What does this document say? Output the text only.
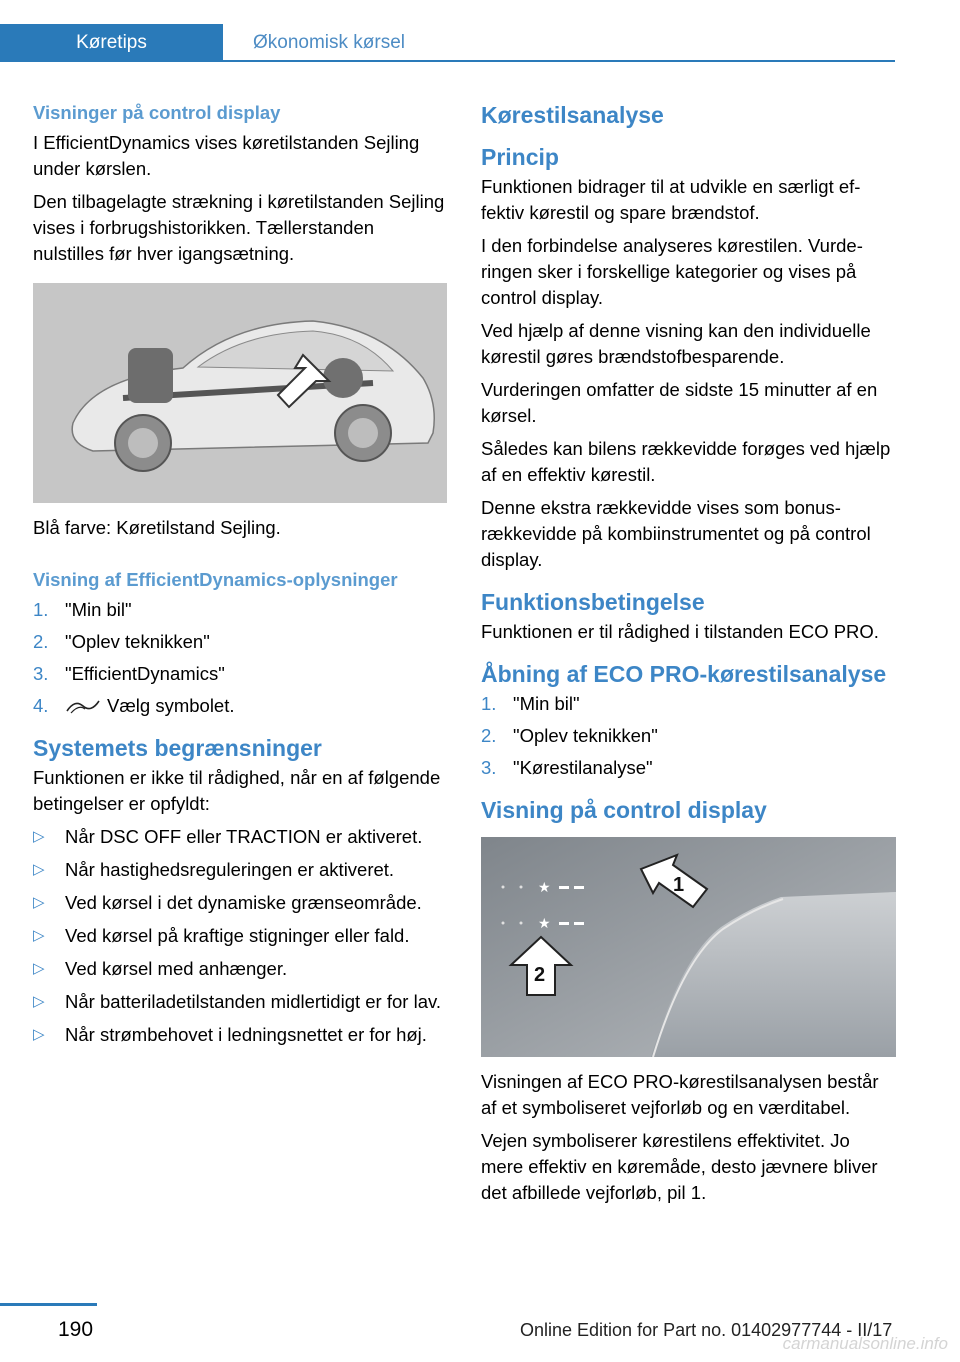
Køretips	Økonomisk kørsel
Visninger på control display

I EfficientDynamics vises køretilstanden Sejling under kørslen.

Den tilbagelagte strækning i køretilstanden Sejling vises i forbrugshistorikken. Tællerstanden nulstilles før hver igangsætning.

Blå farve: Køretilstand Sejling.

Visning af EfficientDynamics-oplysninger
1. "Min bil"
2. "Oplev teknikken"
3. "EfficientDynamics"
4.	Vælg symbolet.
Systemets begrænsninger

Funktionen er ikke til rådighed, når en af følgende betingelser er opfyldt:

▷ Når DSC OFF eller TRACTION er aktiveret.
▷ Når hastighedsreguleringen er aktiveret.
▷ Ved kørsel i det dynamiske grænseområde.
▷ Ved kørsel på kraftige stigninger eller fald.
▷ Ved kørsel med anhænger.
▷ Når batteriladetilstanden midlertidigt er for lav.
▷ Når strømbehovet i ledningsnettet er for høj.
Kørestilsanalyse
Princip

Funktionen bidrager til at udvikle en særligt effektiv kørestil og spare brændstof.

I den forbindelse analyseres kørestilen. Vurderingen sker i forskellige kategorier og vises på control display.

Ved hjælp af denne visning kan den individuelle kørestil gøres brændstofbesparende.

Vurderingen omfatter de sidste 15 minutter af en kørsel.

Således kan bilens rækkevidde forøges ved hjælp af en effektiv kørestil.

Denne ekstra rækkevidde vises som bonusrækkevidde på kombiinstrumentet og på control display.

Funktionsbetingelse

Funktionen er til rådighed i tilstanden ECO PRO.

Åbning af ECO PRO-kørestilsanalyse
1. "Min bil"
2. "Oplev teknikken"
3. "Kørestilanalyse"
Visning på control display
★
★
1
2

Visningen af ECO PRO-kørestilsanalysen består af et symboliseret vejforløb og en værditabel.

Vejen symboliserer kørestilens effektivitet. Jo mere effektiv en køremåde, desto jævnere bliver det afbillede vejforløb, pil 1.

190	Online Edition for Part no. 01402977744 - II/17
carmanualsonline.info
